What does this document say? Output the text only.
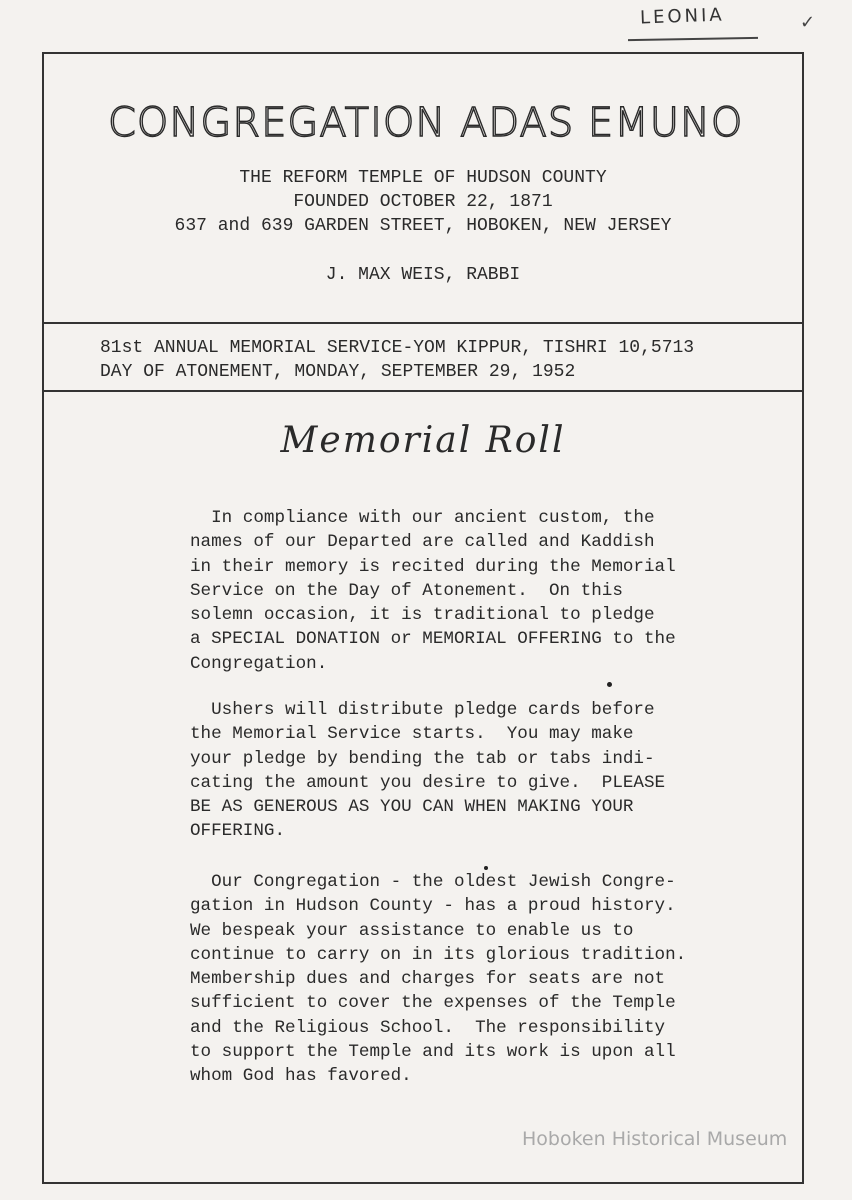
LEONIA	✓
CONGREGATION ADAS EMUNO
THE REFORM TEMPLE OF HUDSON COUNTY
FOUNDED OCTOBER 22, 1871
637 and 639 GARDEN STREET, HOBOKEN, NEW JERSEY
J. MAX WEIS, RABBI
81st ANNUAL MEMORIAL SERVICE-YOM KIPPUR, TISHRI 10,5713
DAY OF ATONEMENT, MONDAY, SEPTEMBER 29, 1952
Memorial Roll

In compliance with our ancient custom, the
names of our Departed are called and Kaddish
in their memory is recited during the Memorial
Service on the Day of Atonement.  On this
solemn occasion, it is traditional to pledge
a SPECIAL DONATION or MEMORIAL OFFERING to the
Congregation.

Ushers will distribute pledge cards before
the Memorial Service starts.  You may make
your pledge by bending the tab or tabs indi-
cating the amount you desire to give.  PLEASE
BE AS GENEROUS AS YOU CAN WHEN MAKING YOUR
OFFERING.

Our Congregation - the oldest Jewish Congre-
gation in Hudson County - has a proud history.
We bespeak your assistance to enable us to
continue to carry on in its glorious tradition.
Membership dues and charges for seats are not
sufficient to cover the expenses of the Temple
and the Religious School.  The responsibility
to support the Temple and its work is upon all
whom God has favored.

Hoboken Historical Museum
